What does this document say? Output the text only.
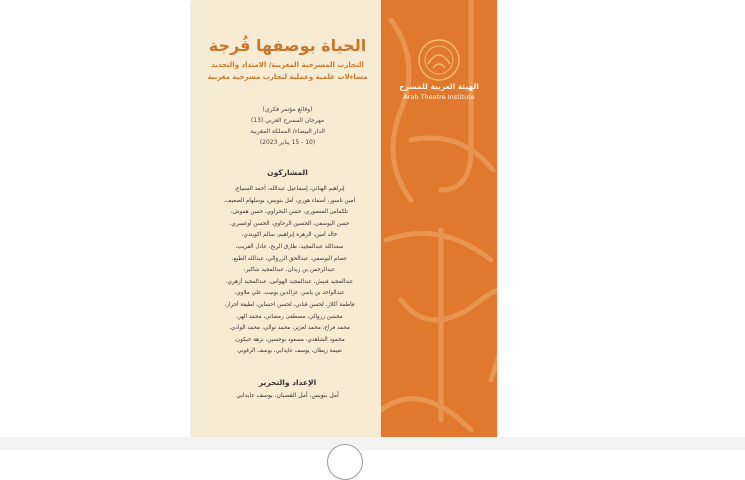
الحياة بوصفها فُرجة
التجارب المسرحية المغربية/ الامتداد والتجديد
مساءلات علمية وعملية لتجارب مسرحية مغربية
(وقائع مؤتمر فكري)
مهرجان المسرح العربي (13)
الدار البيضاء/ المملكة المغربية
(10 - 15 يناير 2023)
المشاركون
إبراهيم الهنائي، إسماعيل عبدالله، أحمد السبياع،
أمين ناسور، أسماء هوري، أمل بنويس، بوسلهام الضعيف،
تلكماس المنصوري، حسن البحراوي، حسن هموش،
حسن اليوسفي، الحسين الرحاوي، الحسن أوعسري،
خالد أمين، الزهرة إبراهيم، سالم اكويندي،
سعدالله عبدالمجيد، طارق الربح، عادل القريب،
عصام اليوسفي، عبدالحق الزروالي، عبدالله الطيع،
عبدالرحمن بن زيدان، عبدالمجيد شاكير،
عبدالمجيد فنيش، عبدالمجيد الهواس، عبدالمجيد أزهري،
عبدالواحد بن ياسر، عزالدين بونيت، علي ملاوي،
فاطمة أكلاز، لحسن قناني، لحسن احساين، لطيفة أحرار،
محسن زروالي، مصطفى رمضاني، محمد الهر،
محمد فراح، محمد لعزيز، محمد نوالي، محمد الوادي،
محمود الشاهدي، مسعود بوحسين، نزهة حيكون،
نعيمة زيطان، يوسف عايدابي، يوسف الرقوبي
الإعداد والتحرير
أمل بنويس، أمل القصبان، يوسف عايدابي
الهيئة العربية للمسرح
Arab Theatre Institute
